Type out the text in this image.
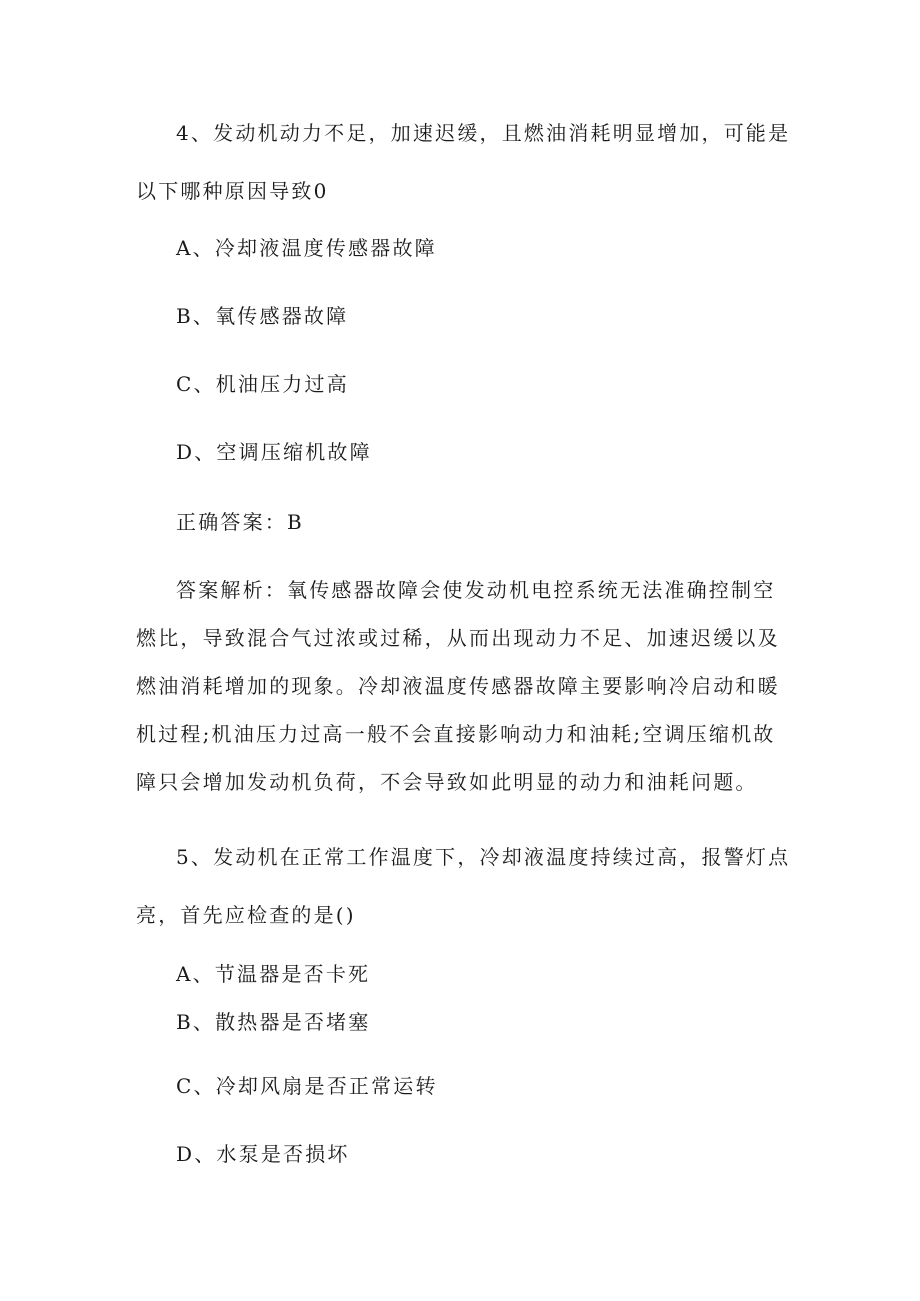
4、发动机动力不足，加速迟缓，且燃油消耗明显增加，可能是以下哪种原因导致0
A、冷却液温度传感器故障
B、氧传感器故障
C、机油压力过高
D、空调压缩机故障
正确答案：B
答案解析：氧传感器故障会使发动机电控系统无法准确控制空燃比，导致混合气过浓或过稀，从而出现动力不足、加速迟缓以及燃油消耗增加的现象。冷却液温度传感器故障主要影响冷启动和暖机过程;机油压力过高一般不会直接影响动力和油耗;空调压缩机故障只会增加发动机负荷，不会导致如此明显的动力和油耗问题。
5、发动机在正常工作温度下，冷却液温度持续过高，报警灯点亮，首先应检查的是()
A、节温器是否卡死
B、散热器是否堵塞
C、冷却风扇是否正常运转
D、水泵是否损坏
